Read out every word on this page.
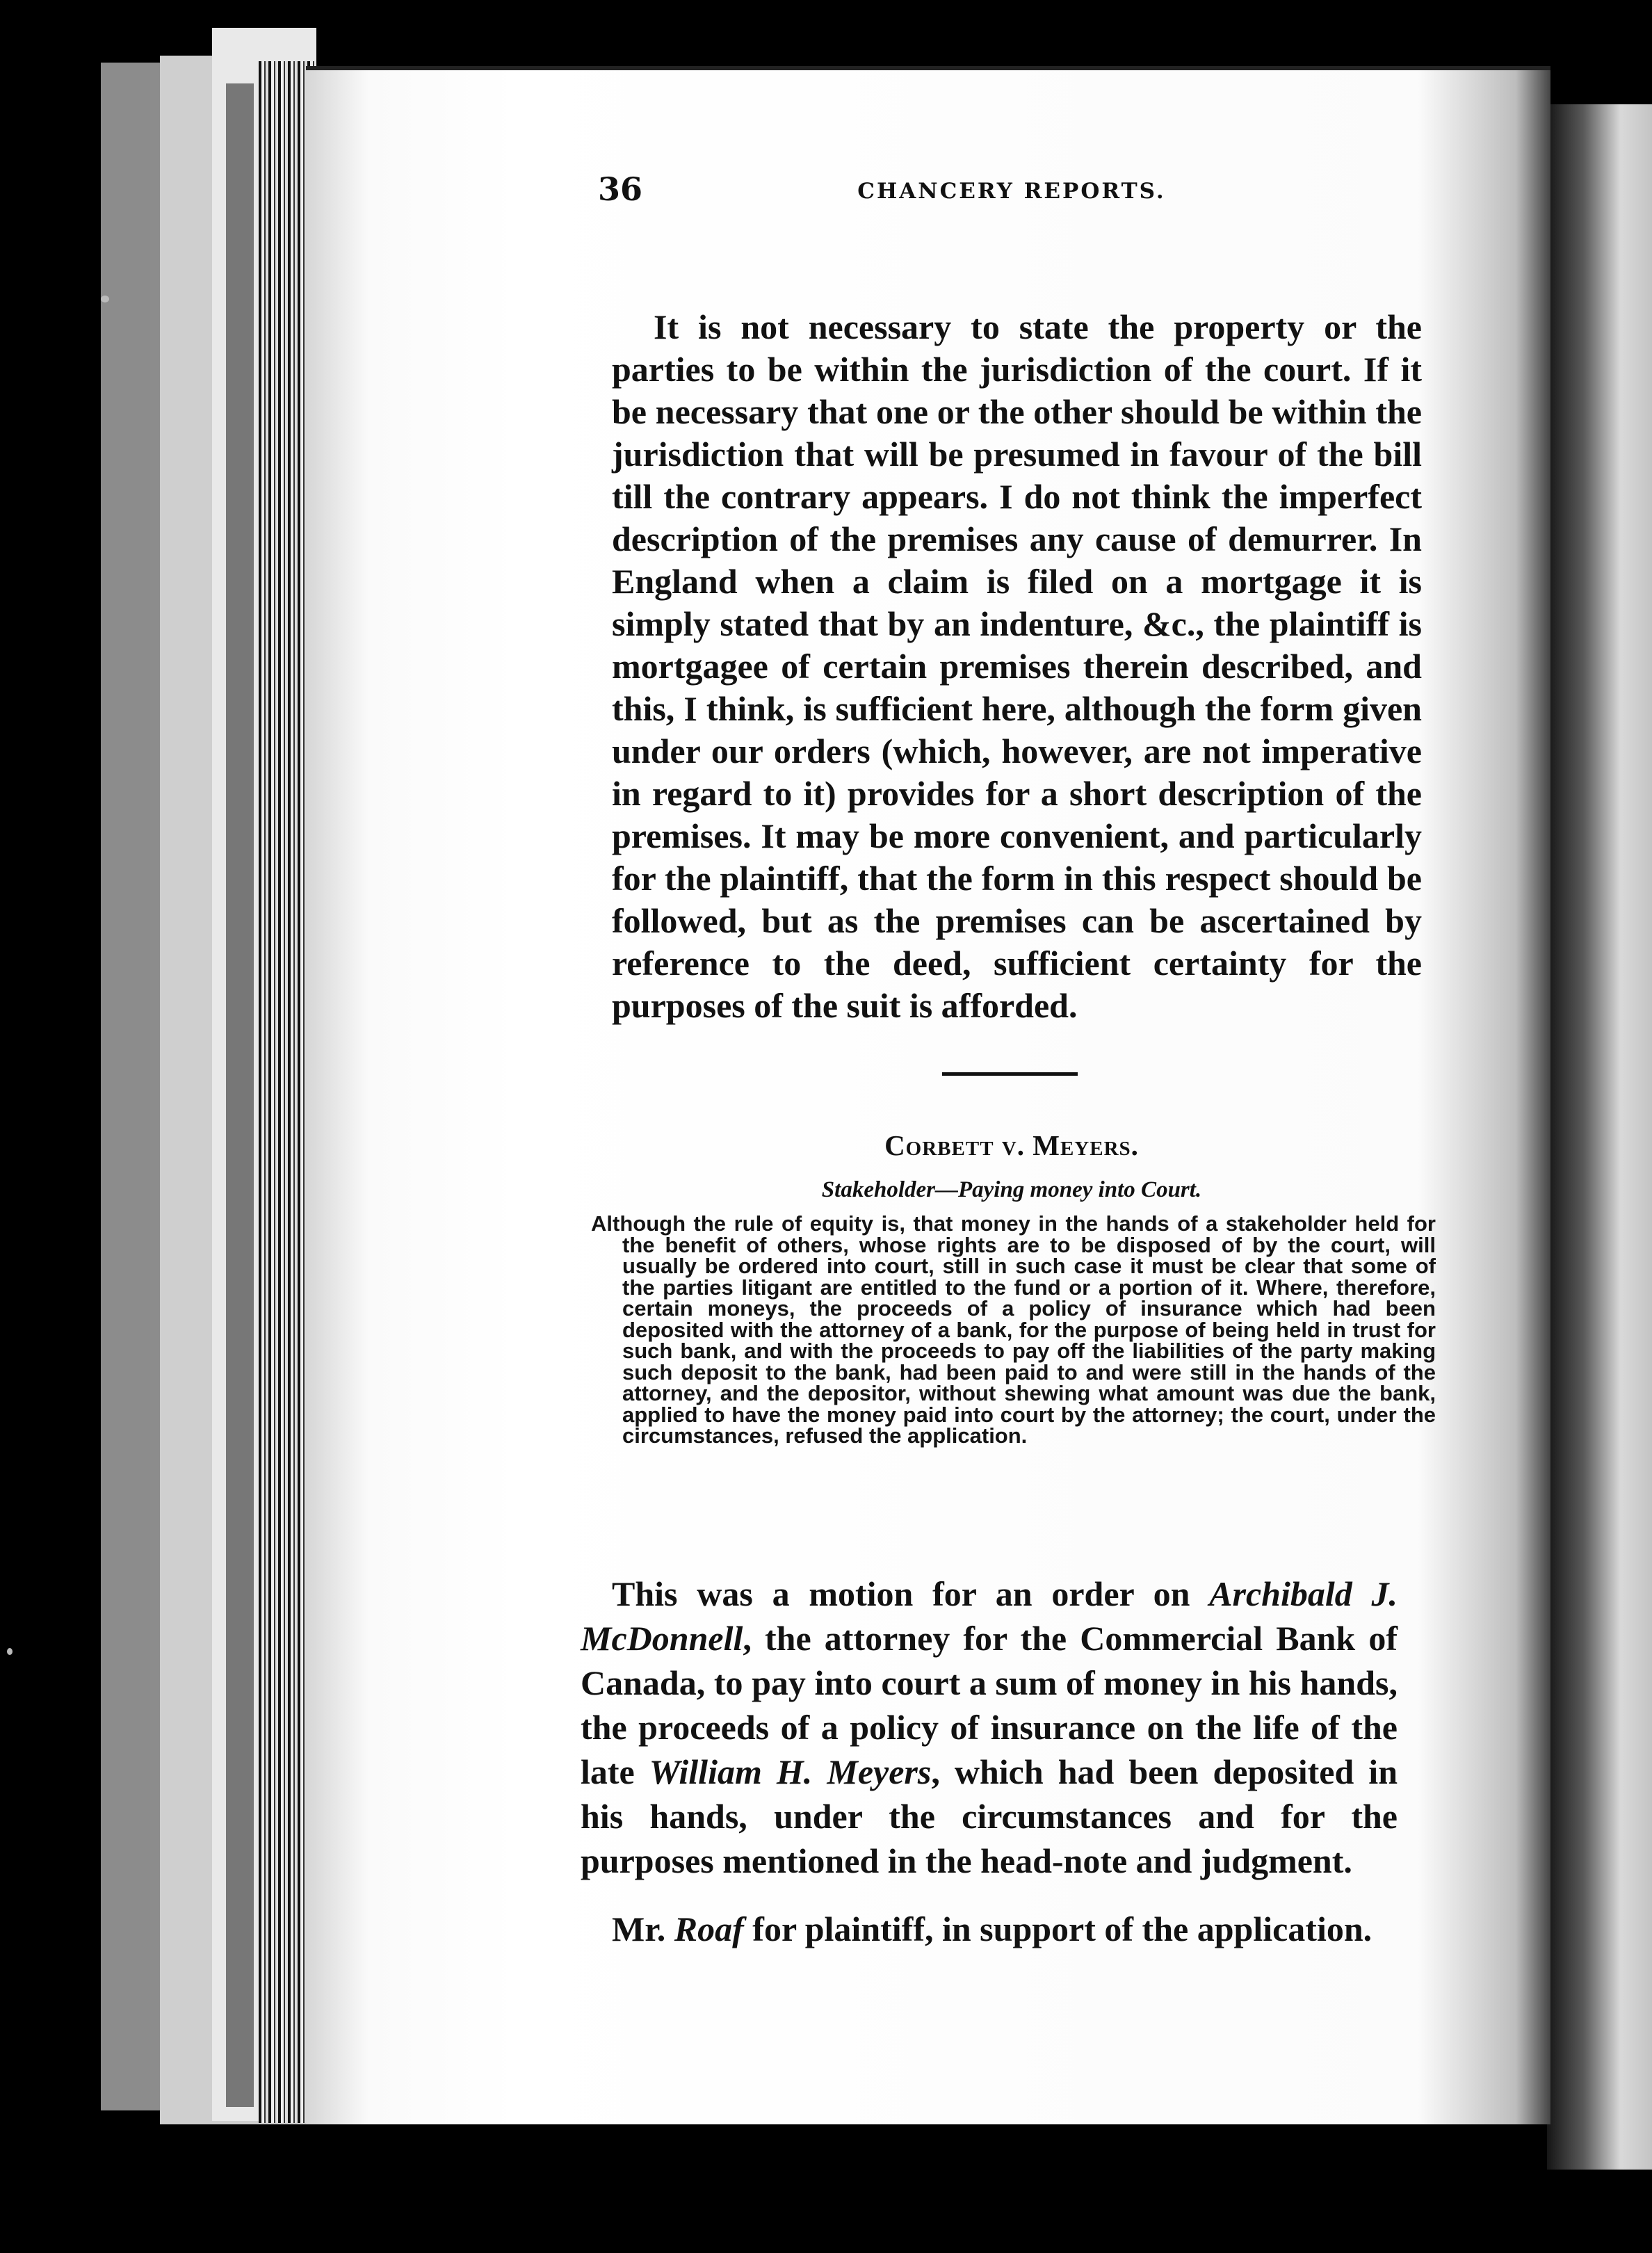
36	CHANCERY REPORTS.

It is not necessary to state the property or the parties to be within the jurisdiction of the court. If it be necessary that one or the other should be within the jurisdiction that will be presumed in favour of the bill till the contrary appears. I do not think the imperfect description of the premises any cause of demurrer. In England when a claim is filed on a mortgage it is simply stated that by an indenture, &c., the plaintiff is mortgagee of certain premises therein described, and this, I think, is sufficient here, although the form given under our orders (which, however, are not imperative in regard to it) provides for a short description of the premises. It may be more convenient, and particularly for the plaintiff, that the form in this respect should be followed, but as the premises can be ascertained by reference to the deed, sufficient certainty for the purposes of the suit is afforded.

Corbett v. Meyers.
Stakeholder—Paying money into Court.

Although the rule of equity is, that money in the hands of a stakeholder held for the benefit of others, whose rights are to be disposed of by the court, will usually be ordered into court, still in such case it must be clear that some of the parties litigant are entitled to the fund or a portion of it. Where, therefore, certain moneys, the proceeds of a policy of insurance which had been deposited with the attorney of a bank, for the purpose of being held in trust for such bank, and with the proceeds to pay off the liabilities of the party making such deposit to the bank, had been paid to and were still in the hands of the attorney, and the depositor, without shewing what amount was due the bank, applied to have the money paid into court by the attorney; the court, under the circumstances, refused the application.

This was a motion for an order on Archibald J. McDonnell, the attorney for the Commercial Bank of Canada, to pay into court a sum of money in his hands, the proceeds of a policy of insurance on the life of the late William H. Meyers, which had been deposited in his hands, under the circumstances and for the purposes mentioned in the head-note and judgment.

Mr. Roaf for plaintiff, in support of the application.
